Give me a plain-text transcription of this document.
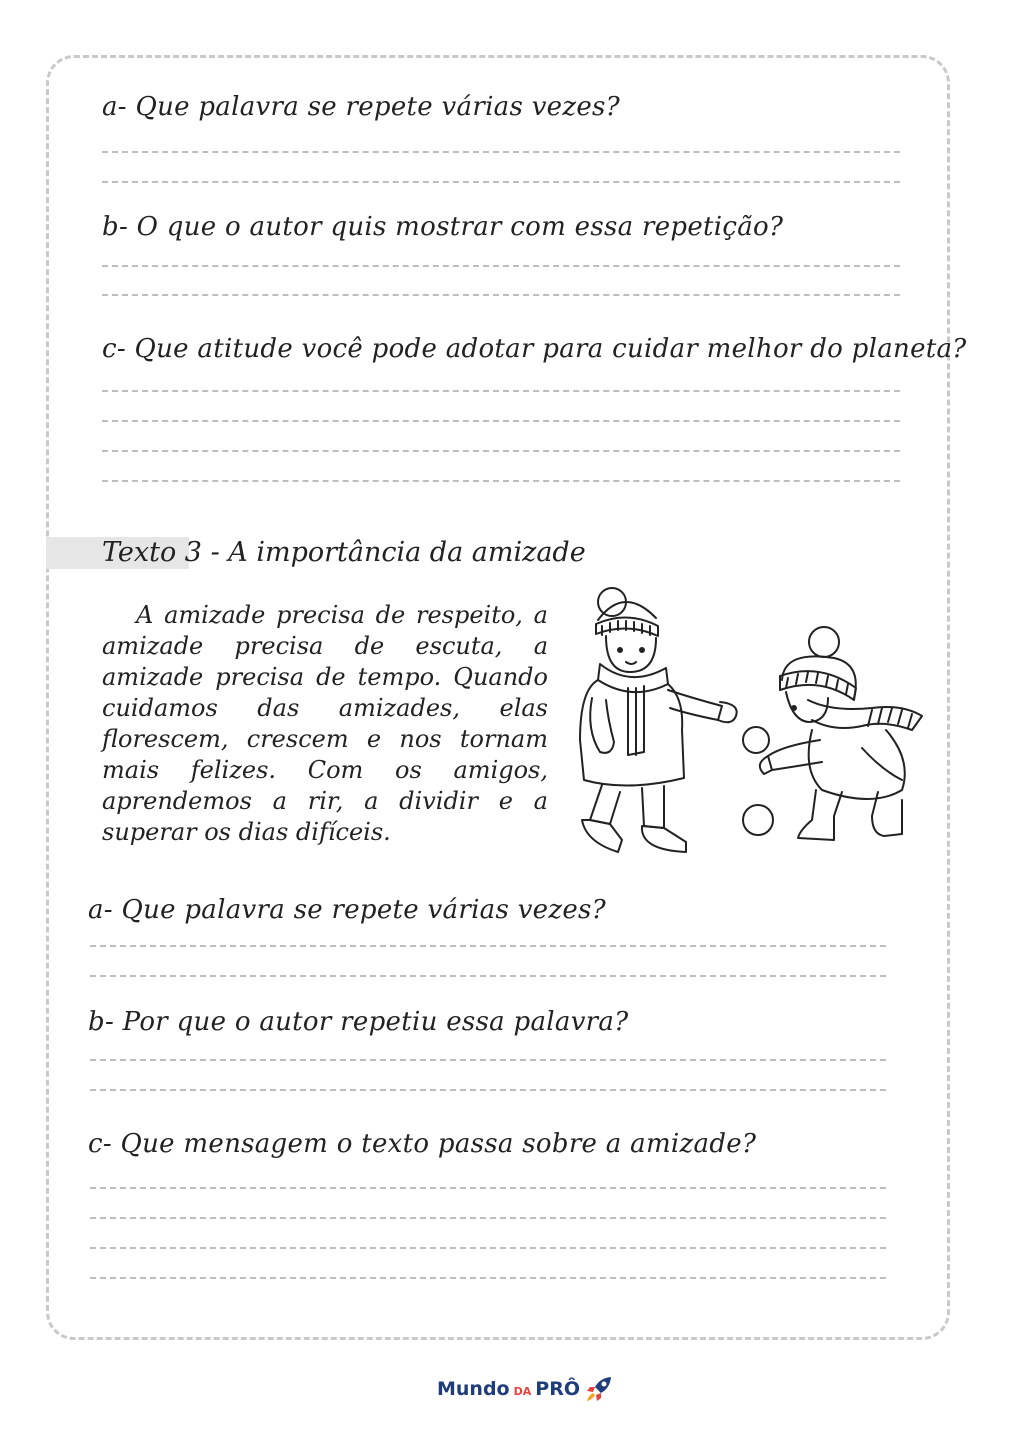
a- Que palavra se repete várias vezes?
b- O que o autor quis mostrar com essa repetição?
c- Que atitude você pode adotar para cuidar melhor do planeta?
Texto 3 - A importância da amizade
A amizade precisa de respeito, a amizade precisa de escuta, a amizade precisa de tempo. Quando cuidamos das amizades, elas florescem, crescem e nos tornam mais felizes. Com os amigos, aprendemos a rir, a dividir e a superar os dias difíceis.
a- Que palavra se repete várias vezes?
b- Por que o autor repetiu essa palavra?
c- Que mensagem o texto passa sobre a amizade?
Mundo DA PRÔ
